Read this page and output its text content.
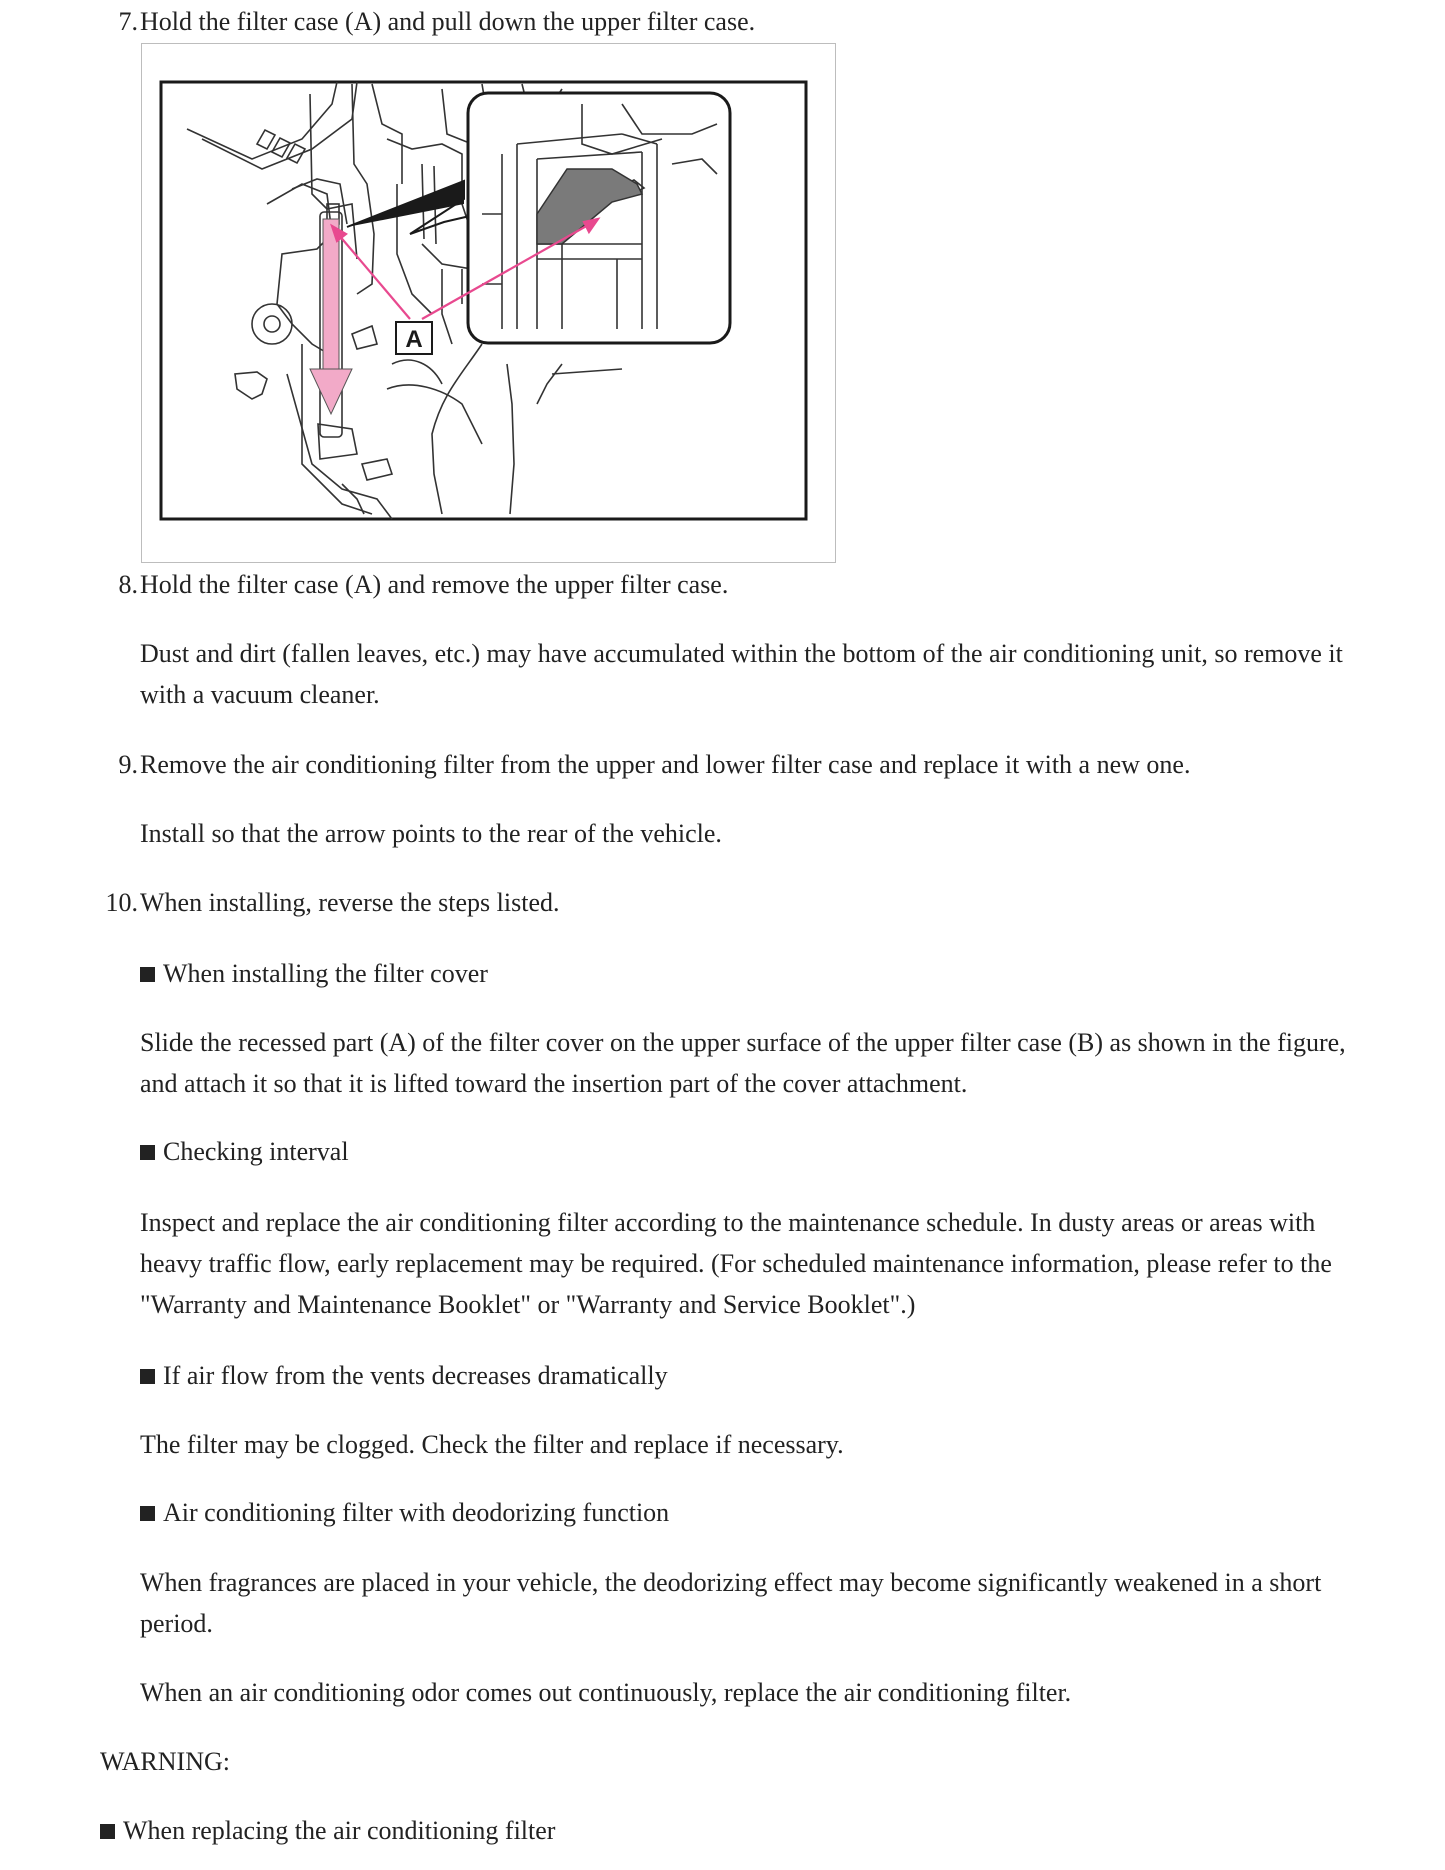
7. Hold the filter case (A) and pull down the upper filter case.
A
8. Hold the filter case (A) and remove the upper filter case.
Dust and dirt (fallen leaves, etc.) may have accumulated within the bottom of the air conditioning unit, so remove it with a vacuum cleaner.
9. Remove the air conditioning filter from the upper and lower filter case and replace it with a new one.
Install so that the arrow points to the rear of the vehicle.
10. When installing, reverse the steps listed.
When installing the filter cover
Slide the recessed part (A) of the filter cover on the upper surface of the upper filter case (B) as shown in the figure, and attach it so that it is lifted toward the insertion part of the cover attachment.
Checking interval
Inspect and replace the air conditioning filter according to the maintenance schedule. In dusty areas or areas with heavy traffic flow, early replacement may be required. (For scheduled maintenance information, please refer to the "Warranty and Maintenance Booklet" or "Warranty and Service Booklet".)
If air flow from the vents decreases dramatically
The filter may be clogged. Check the filter and replace if necessary.
Air conditioning filter with deodorizing function
When fragrances are placed in your vehicle, the deodorizing effect may become significantly weakened in a short period.
When an air conditioning odor comes out continuously, replace the air conditioning filter.
WARNING:
When replacing the air conditioning filter
